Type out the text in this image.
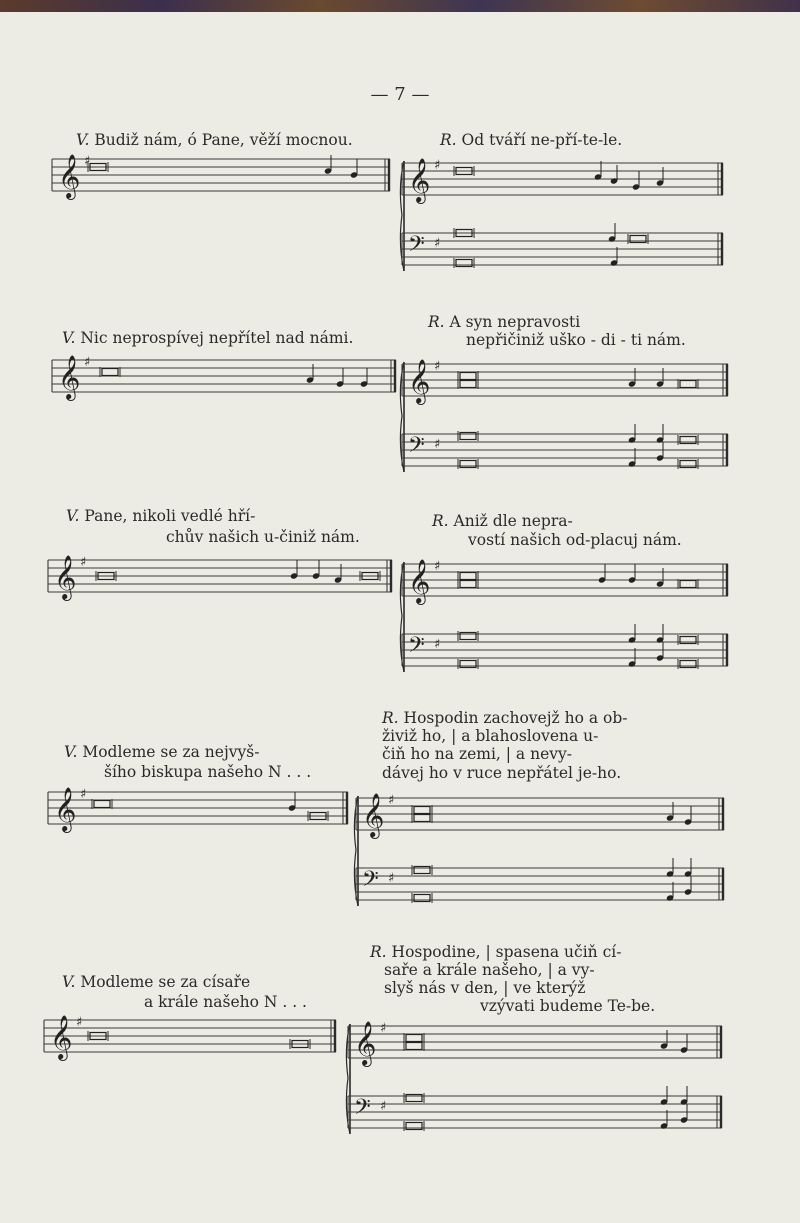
— 7 —
V. Budiž nám, ó Pane, věží mocnou.	R. Od tváří ne-pří-te-le.
𝄞 ♯	𝄞 ♯
𝄢 ♯
R. A syn nepravosti
nepřičiniž uško - di - ti nám.
V. Nic neprospívej nepřítel nad námi.
𝄞 ♯	𝄞 ♯
𝄢 ♯
V. Pane, nikoli vedlé hří-
chův našich u-činiž nám.
R. Aniž dle nepra-
vostí našich od-placuj nám.
𝄞 ♯	𝄞 ♯
𝄢 ♯
R. Hospodin zachovejž ho a ob-
živiž ho, | a blahoslovena u-
čiň ho na zemi, | a nevy-
dávej ho v ruce nepřátel je-ho.
V. Modleme se za nejvyš-
šího biskupa našeho N . . .
𝄞 ♯	𝄞 ♯
𝄢 ♯
R. Hospodine, | spasena učiň cí-
saře a krále našeho, | a vy-
slyš nás v den, | ve kterýž
vzývati budeme Te-be.
V. Modleme se za císaře
a krále našeho N . . .
𝄞 ♯	𝄞 ♯
𝄢 ♯
